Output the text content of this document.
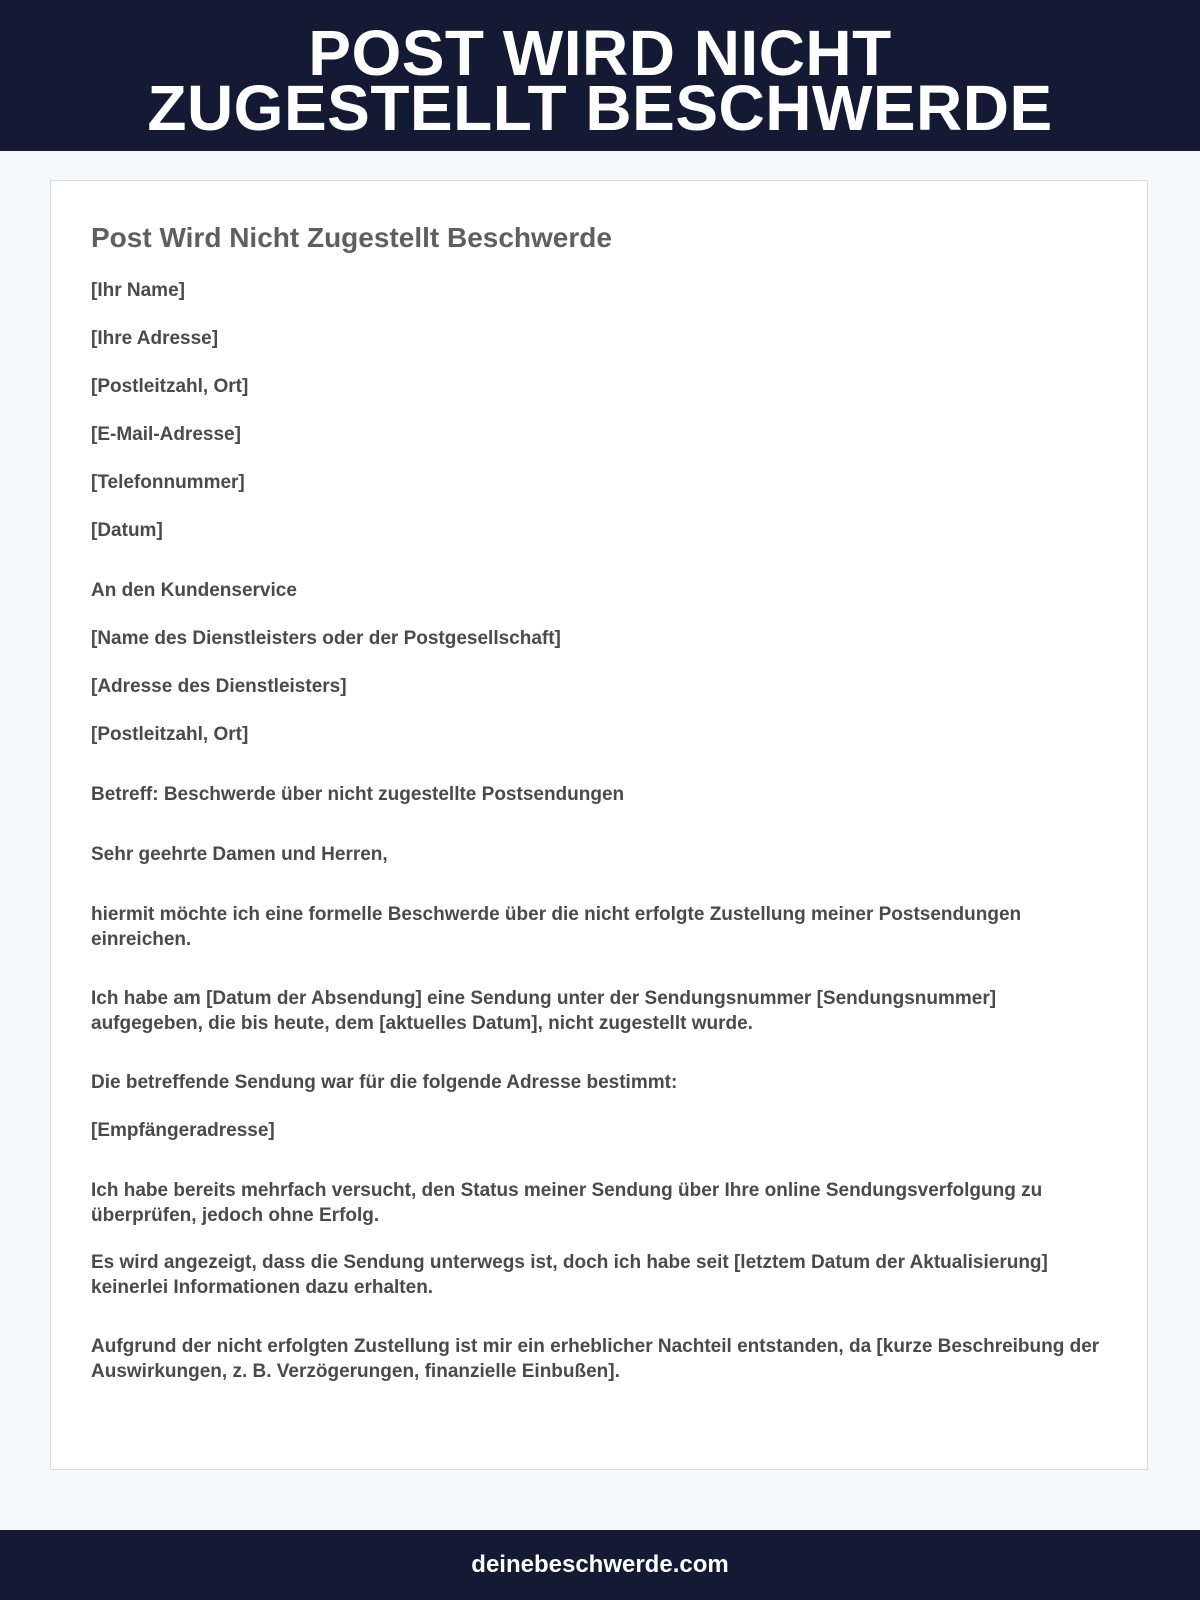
POST WIRD NICHT
ZUGESTELLT BESCHWERDE
Post Wird Nicht Zugestellt Beschwerde

[Ihr Name]

[Ihre Adresse]

[Postleitzahl, Ort]

[E-Mail-Adresse]

[Telefonnummer]

[Datum]

An den Kundenservice

[Name des Dienstleisters oder der Postgesellschaft]

[Adresse des Dienstleisters]

[Postleitzahl, Ort]

Betreff: Beschwerde über nicht zugestellte Postsendungen

Sehr geehrte Damen und Herren,

hiermit möchte ich eine formelle Beschwerde über die nicht erfolgte Zustellung meiner Postsendungen einreichen.

Ich habe am [Datum der Absendung] eine Sendung unter der Sendungsnummer [Sendungsnummer] aufgegeben, die bis heute, dem [aktuelles Datum], nicht zugestellt wurde.

Die betreffende Sendung war für die folgende Adresse bestimmt:

[Empfängeradresse]

Ich habe bereits mehrfach versucht, den Status meiner Sendung über Ihre online Sendungsverfolgung zu überprüfen, jedoch ohne Erfolg.

Es wird angezeigt, dass die Sendung unterwegs ist, doch ich habe seit [letztem Datum der Aktualisierung] keinerlei Informationen dazu erhalten.

Aufgrund der nicht erfolgten Zustellung ist mir ein erheblicher Nachteil entstanden, da [kurze Beschreibung der Auswirkungen, z. B. Verzögerungen, finanzielle Einbußen].

deinebeschwerde.com
